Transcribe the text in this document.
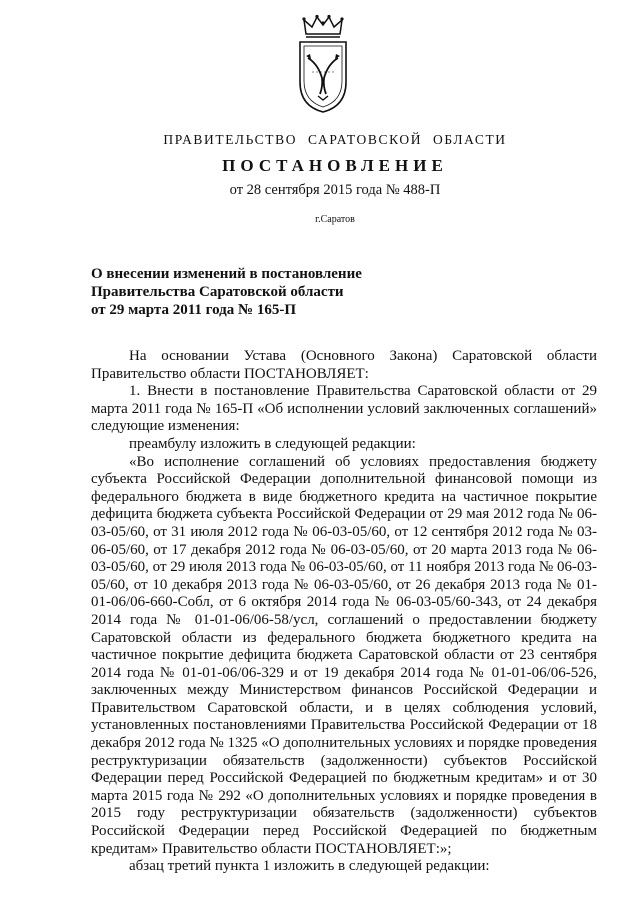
ПРАВИТЕЛЬСТВО САРАТОВСКОЙ ОБЛАСТИ
ПОСТАНОВЛЕНИЕ
от 28 сентября 2015 года № 488-П
г.Саратов
О внесении изменений в постановление
Правительства Саратовской области
от 29 марта 2011 года № 165-П

На основании Устава (Основного Закона) Саратовской области Правительство области ПОСТАНОВЛЯЕТ:

1. Внести в постановление Правительства Саратовской области от 29 марта 2011 года № 165-П «Об исполнении условий заключенных соглашений» следующие изменения:

преамбулу изложить в следующей редакции:

«Во исполнение соглашений об условиях предоставления бюджету субъекта Российской Федерации дополнительной финансовой помощи из федерального бюджета в виде бюджетного кредита на частичное покрытие дефицита бюджета субъекта Российской Федерации от 29 мая 2012 года № 06-03-05/60, от 31 июля 2012 года № 06-03-05/60, от 12 сентября 2012 года № 03-06-05/60, от 17 декабря 2012 года № 06-03-05/60, от 20 марта 2013 года № 06-03-05/60, от 29 июля 2013 года № 06-03-05/60, от 11 ноября 2013 года № 06-03-05/60, от 10 декабря 2013 года № 06-03-05/60, от 26 декабря 2013 года № 01-01-06/06-660-Собл, от 6 октября 2014 года № 06-03-05/60-343, от 24 декабря 2014 года № 01-01-06/06-58/усл, соглашений о предоставлении бюджету Саратовской области из федерального бюджета бюджетного кредита на частичное покрытие дефицита бюджета Саратовской области от 23 сентября 2014 года № 01-01-06/06-329 и от 19 декабря 2014 года № 01-01-06/06-526, заключенных между Министерством финансов Российской Федерации и Правительством Саратовской области, и в целях соблюдения условий, установленных постановлениями Правительства Российской Федерации от 18 декабря 2012 года № 1325 «О дополнительных условиях и порядке проведения реструктуризации обязательств (задолженности) субъектов Российской Федерации перед Российской Федерацией по бюджетным кредитам» и от 30 марта 2015 года № 292 «О дополнительных условиях и порядке проведения в 2015 году реструктуризации обязательств (задолженности) субъектов Российской Федерации перед Российской Федерацией по бюджетным кредитам» Правительство области ПОСТАНОВЛЯЕТ:»;

абзац третий пункта 1 изложить в следующей редакции:
